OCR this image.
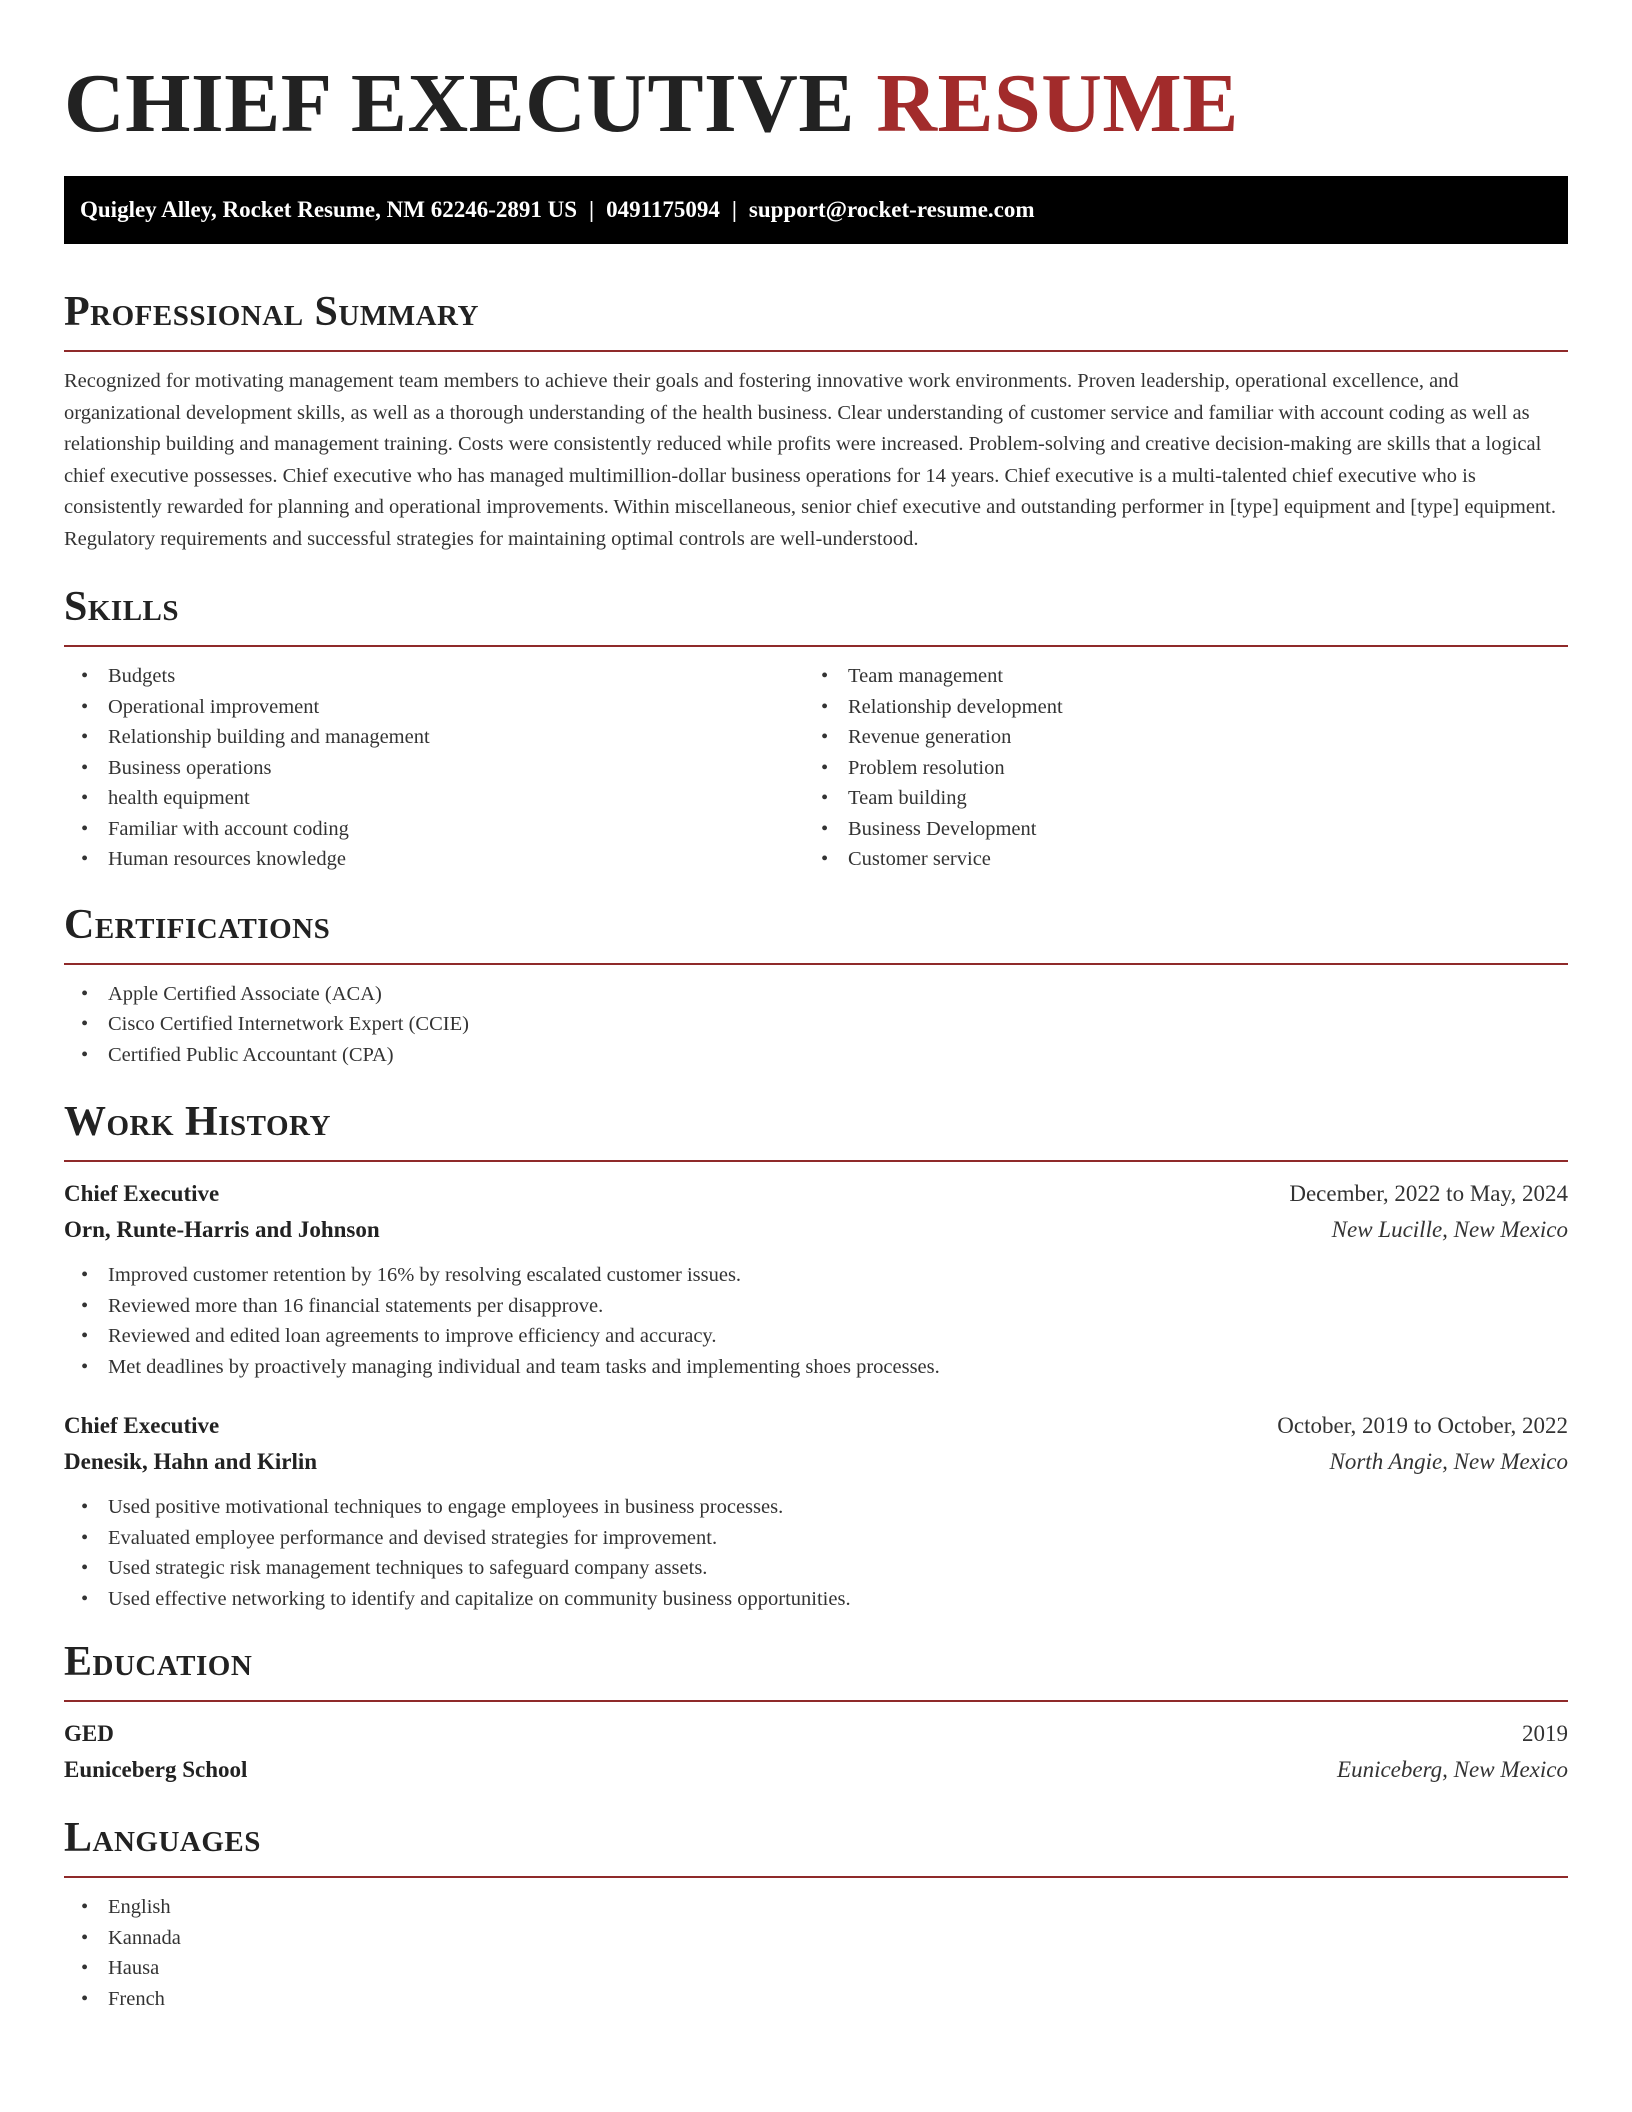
CHIEF EXECUTIVE RESUME
Quigley Alley, Rocket Resume, NM 62246-2891 US | 0491175094 | support@rocket-resume.com
Professional Summary

Recognized for motivating management team members to achieve their goals and fostering innovative work environments. Proven leadership, operational excellence, and organizational development skills, as well as a thorough understanding of the health business. Clear understanding of customer service and familiar with account coding as well as relationship building and management training. Costs were consistently reduced while profits were increased. Problem-solving and creative decision-making are skills that a logical chief executive possesses. Chief executive who has managed multimillion-dollar business operations for 14 years. Chief executive is a multi-talented chief executive who is consistently rewarded for planning and operational improvements. Within miscellaneous, senior chief executive and outstanding performer in [type] equipment and [type] equipment. Regulatory requirements and successful strategies for maintaining optimal controls are well-understood.

Skills
• Budgets
• Operational improvement
• Relationship building and management
• Business operations
• health equipment
• Familiar with account coding
• Human resources knowledge
• Team management
• Relationship development
• Revenue generation
• Problem resolution
• Team building
• Business Development
• Customer service
Certifications
• Apple Certified Associate (ACA)
• Cisco Certified Internetwork Expert (CCIE)
• Certified Public Accountant (CPA)
Work History
Chief Executive	December, 2022 to May, 2024
Orn, Runte-Harris and Johnson	New Lucille, New Mexico
• Improved customer retention by 16% by resolving escalated customer issues.
• Reviewed more than 16 financial statements per disapprove.
• Reviewed and edited loan agreements to improve efficiency and accuracy.
• Met deadlines by proactively managing individual and team tasks and implementing shoes processes.
Chief Executive	October, 2019 to October, 2022
Denesik, Hahn and Kirlin	North Angie, New Mexico
• Used positive motivational techniques to engage employees in business processes.
• Evaluated employee performance and devised strategies for improvement.
• Used strategic risk management techniques to safeguard company assets.
• Used effective networking to identify and capitalize on community business opportunities.
Education
GED	2019
Euniceberg School	Euniceberg, New Mexico
Languages
• English
• Kannada
• Hausa
• French
